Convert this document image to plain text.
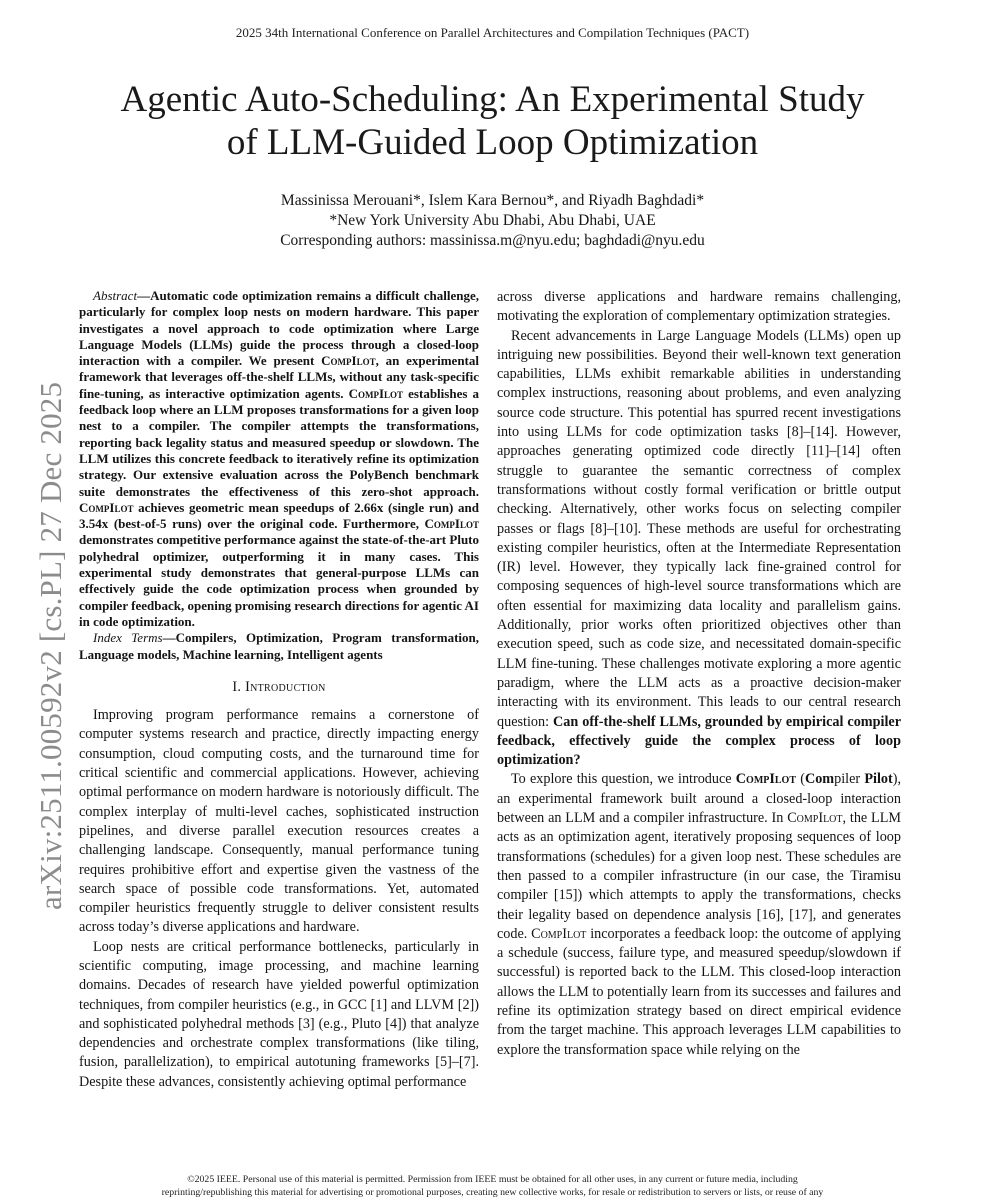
2025 34th International Conference on Parallel Architectures and Compilation Techniques (PACT)
Agentic Auto-Scheduling: An Experimental Study
of LLM-Guided Loop Optimization
Massinissa Merouani*, Islem Kara Bernou*, and Riyadh Baghdadi*
*New York University Abu Dhabi, Abu Dhabi, UAE
Corresponding authors: massinissa.m@nyu.edu; baghdadi@nyu.edu
arXiv:2511.00592v2 [cs.PL] 27 Dec 2025

Abstract—Automatic code optimization remains a difficult challenge, particularly for complex loop nests on modern hardware. This paper investigates a novel approach to code optimization where Large Language Models (LLMs) guide the process through a closed-loop interaction with a compiler. We present CompIlot, an experimental framework that leverages off-the-shelf LLMs, without any task-specific fine-tuning, as interactive optimization agents. CompIlot establishes a feedback loop where an LLM proposes transformations for a given loop nest to a compiler. The compiler attempts the transformations, reporting back legality status and measured speedup or slowdown. The LLM utilizes this concrete feedback to iteratively refine its optimization strategy. Our extensive evaluation across the PolyBench benchmark suite demonstrates the effectiveness of this zero-shot approach. CompIlot achieves geometric mean speedups of 2.66x (single run) and 3.54x (best-of-5 runs) over the original code. Furthermore, CompIlot demonstrates competitive performance against the state-of-the-art Pluto polyhedral optimizer, outperforming it in many cases. This experimental study demonstrates that general-purpose LLMs can effectively guide the code optimization process when grounded by compiler feedback, opening promising research directions for agentic AI in code optimization.

Index Terms—Compilers, Optimization, Program transformation, Language models, Machine learning, Intelligent agents

I. Introduction

Improving program performance remains a cornerstone of computer systems research and practice, directly impacting energy consumption, cloud computing costs, and the turnaround time for critical scientific and commercial applications. However, achieving optimal performance on modern hardware is notoriously difficult. The complex interplay of multi-level caches, sophisticated instruction pipelines, and diverse parallel execution resources creates a challenging landscape. Consequently, manual performance tuning requires prohibitive effort and expertise given the vastness of the search space of possible code transformations. Yet, automated compiler heuristics frequently struggle to deliver consistent results across today’s diverse applications and hardware.

Loop nests are critical performance bottlenecks, particularly in scientific computing, image processing, and machine learning domains. Decades of research have yielded powerful optimization techniques, from compiler heuristics (e.g., in GCC [1] and LLVM [2]) and sophisticated polyhedral methods [3] (e.g., Pluto [4]) that analyze dependencies and orchestrate complex transformations (like tiling, fusion, parallelization), to empirical autotuning frameworks [5]–[7]. Despite these advances, consistently achieving optimal performance

across diverse applications and hardware remains challenging, motivating the exploration of complementary optimization strategies.

Recent advancements in Large Language Models (LLMs) open up intriguing new possibilities. Beyond their well-known text generation capabilities, LLMs exhibit remarkable abilities in understanding complex instructions, reasoning about problems, and even analyzing source code structure. This potential has spurred recent investigations into using LLMs for code optimization tasks [8]–[14]. However, approaches generating optimized code directly [11]–[14] often struggle to guarantee the semantic correctness of complex transformations without costly formal verification or brittle output checking. Alternatively, other works focus on selecting compiler passes or flags [8]–[10]. These methods are useful for orchestrating existing compiler heuristics, often at the Intermediate Representation (IR) level. However, they typically lack fine-grained control for composing sequences of high-level source transformations which are often essential for maximizing data locality and parallelism gains. Additionally, prior works often prioritized objectives other than execution speed, such as code size, and necessitated domain-specific LLM fine-tuning. These challenges motivate exploring a more agentic paradigm, where the LLM acts as a proactive decision-maker interacting with its environment. This leads to our central research question: Can off-the-shelf LLMs, grounded by empirical compiler feedback, effectively guide the complex process of loop optimization?

To explore this question, we introduce CompIlot (Compiler Pilot), an experimental framework built around a closed-loop interaction between an LLM and a compiler infrastructure. In CompIlot, the LLM acts as an optimization agent, iteratively proposing sequences of loop transformations (schedules) for a given loop nest. These schedules are then passed to a compiler infrastructure (in our case, the Tiramisu compiler [15]) which attempts to apply the transformations, checks their legality based on dependence analysis [16], [17], and generates code. CompIlot incorporates a feedback loop: the outcome of applying a schedule (success, failure type, and measured speedup/slowdown if successful) is reported back to the LLM. This closed-loop interaction allows the LLM to potentially learn from its successes and failures and refine its optimization strategy based on direct empirical evidence from the target machine. This approach leverages LLM capabilities to explore the transformation space while relying on the

©2025 IEEE. Personal use of this material is permitted. Permission from IEEE must be obtained for all other uses, in any current or future media, including
reprinting/republishing this material for advertising or promotional purposes, creating new collective works, for resale or redistribution to servers or lists, or reuse of any
